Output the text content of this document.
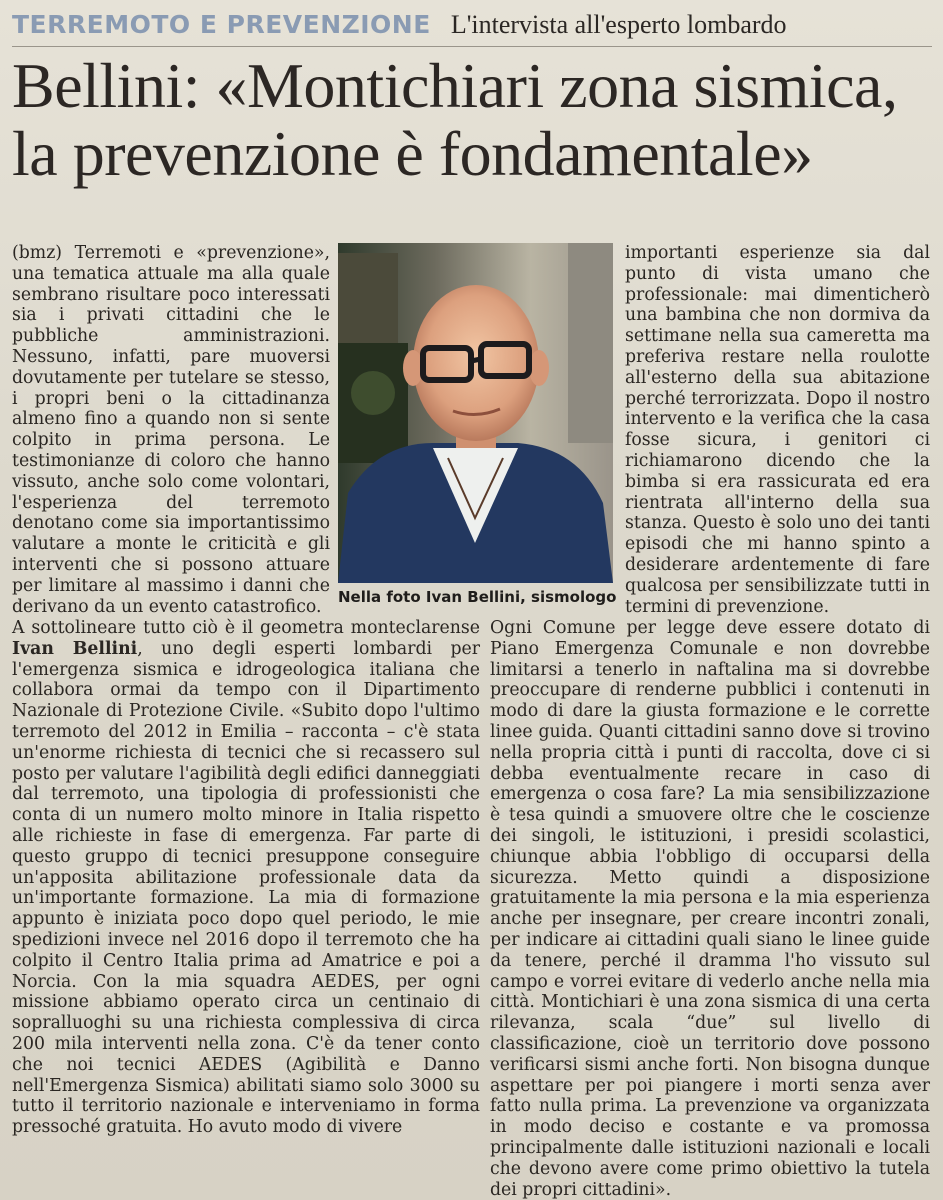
TERREMOTO E PREVENZIONE L'intervista all'esperto lombardo
Bellini: «Montichiari zona sismica,
la prevenzione è fondamentale»

(bmz) Terremoti e «prevenzione», una tematica attuale ma alla quale sembrano risultare poco interessati sia i privati cittadini che le pubbliche amministrazioni. Nessuno, infatti, pare muoversi dovutamente per tutelare se stesso, i propri beni o la cittadinanza almeno fino a quando non si sente colpito in prima persona. Le testimonianze di coloro che hanno vissuto, anche solo come volontari, l'esperienza del terremoto denotano come sia importantissimo valutare a monte le criticità e gli interventi che si possono attuare per limitare al massimo i danni che derivano da un evento catastrofico.	Nella foto Ivan Bellini, sismologo

importanti esperienze sia dal punto di vista umano che professionale: mai dimenticherò una bambina che non dormiva da settimane nella sua cameretta ma preferiva restare nella roulotte all'esterno della sua abitazione perché terrorizzata. Dopo il nostro intervento e la verifica che la casa fosse sicura, i genitori ci richiamarono dicendo che la bimba si era rassicurata ed era rientrata all'interno della sua stanza. Questo è solo uno dei tanti episodi che mi hanno spinto a desiderare ardentemente di fare qualcosa per sensibilizzate tutti in termini di prevenzione.

A sottolineare tutto ciò è il geometra monteclarense Ivan Bellini, uno degli esperti lombardi per l'emergenza sismica e idrogeologica italiana che collabora ormai da tempo con il Dipartimento Nazionale di Protezione Civile. «Subito dopo l'ultimo terremoto del 2012 in Emilia – racconta – c'è stata un'enorme richiesta di tecnici che si recassero sul posto per valutare l'agibilità degli edifici danneggiati dal terremoto, una tipologia di professionisti che conta di un numero molto minore in Italia rispetto alle richieste in fase di emergenza. Far parte di questo gruppo di tecnici presuppone conseguire un'apposita abilitazione professionale data da un'importante formazione. La mia di formazione appunto è iniziata poco dopo quel periodo, le mie spedizioni invece nel 2016 dopo il terremoto che ha colpito il Centro Italia prima ad Amatrice e poi a Norcia. Con la mia squadra AEDES, per ogni missione abbiamo operato circa un centinaio di sopralluoghi su una richiesta complessiva di circa 200 mila interventi nella zona. C'è da tener conto che noi tecnici AEDES (Agibilità e Danno nell'Emergenza Sismica) abilitati siamo solo 3000 su tutto il territorio nazionale e interveniamo in forma pressoché gratuita. Ho avuto modo di vivere

Ogni Comune per legge deve essere dotato di Piano Emergenza Comunale e non dovrebbe limitarsi a tenerlo in naftalina ma si dovrebbe preoccupare di renderne pubblici i contenuti in modo di dare la giusta formazione e le corrette linee guida. Quanti cittadini sanno dove si trovino nella propria città i punti di raccolta, dove ci si debba eventualmente recare in caso di emergenza o cosa fare? La mia sensibilizzazione è tesa quindi a smuovere oltre che le coscienze dei singoli, le istituzioni, i presidi scolastici, chiunque abbia l'obbligo di occuparsi della sicurezza. Metto quindi a disposizione gratuitamente la mia persona e la mia esperienza anche per insegnare, per creare incontri zonali, per indicare ai cittadini quali siano le linee guide da tenere, perché il dramma l'ho vissuto sul campo e vorrei evitare di vederlo anche nella mia città. Montichiari è una zona sismica di una certa rilevanza, scala “due” sul livello di classificazione, cioè un territorio dove possono verificarsi sismi anche forti. Non bisogna dunque aspettare per poi piangere i morti senza aver fatto nulla prima. La prevenzione va organizzata in modo deciso e costante e va promossa principalmente dalle istituzioni nazionali e locali che devono avere come primo obiettivo la tutela dei propri cittadini».
